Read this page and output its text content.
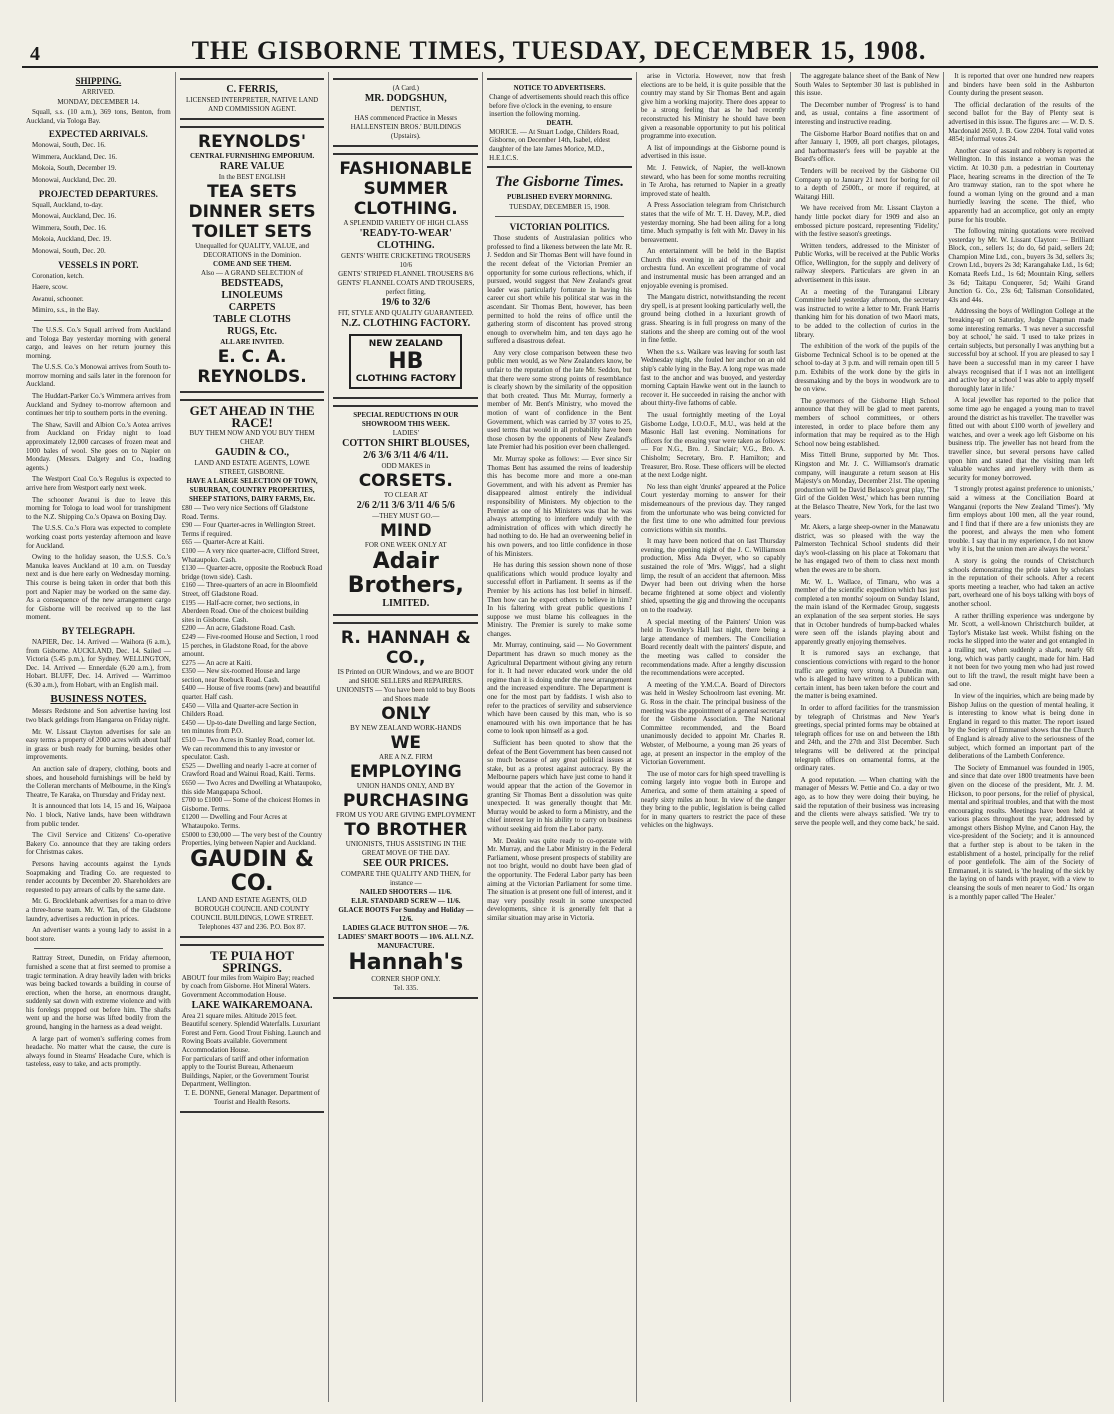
4	THE GISBORNE TIMES, TUESDAY, DECEMBER 15, 1908.
SHIPPING.
ARRIVED.
MONDAY, DECEMBER 14.

Squall, s.s. (10 a.m.), 369 tons, Benton, from Auckland, via Tologa Bay.

EXPECTED ARRIVALS.

Monowai, South, Dec. 16.

Wimmera, Auckland, Dec. 16.

Mokoia, South, December 19.

Monowai, Auckland, Dec. 20.

PROJECTED DEPARTURES.

Squall, Auckland, to-day.

Monowai, Auckland, Dec. 16.

Wimmera, South, Dec. 16.

Mokoia, Auckland, Dec. 19.

Monowai, South, Dec. 20.

VESSELS IN PORT.

Coronation, ketch.

Haere, scow.

Awanui, schooner.

Mimiro, s.s., in the Bay.

The U.S.S. Co.'s Squall arrived from Auckland and Tologa Bay yesterday morning with general cargo, and leaves on her return journey this morning.

The U.S.S. Co.'s Monowai arrives from South to-morrow morning and sails later in the forenoon for Auckland.

The Huddart-Parker Co.'s Wimmera arrives from Auckland and Sydney to-morrow afternoon and continues her trip to southern ports in the evening.

The Shaw, Savill and Albion Co.'s Aotea arrives from Auckland on Friday night to load approximately 12,000 carcases of frozen meat and 1000 bales of wool. She goes on to Napier on Monday. (Messrs. Dalgety and Co., loading agents.)

The Westport Coal Co.'s Regulus is expected to arrive here from Westport early next week.

The schooner Awanui is due to leave this morning for Tologa to load wool for transhipment to the N.Z. Shipping Co.'s Opawa on Boxing Day.

The U.S.S. Co.'s Flora was expected to complete working coast ports yesterday afternoon and leave for Auckland.

Owing to the holiday season, the U.S.S. Co.'s Manuka leaves Auckland at 10 a.m. on Tuesday next and is due here early on Wednesday morning. This course is being taken in order that both this port and Napier may be worked on the same day. As a consequence of the new arrangement cargo for Gisborne will be received up to the last moment.

BY TELEGRAPH.

NAPIER, Dec. 14. Arrived — Waihora (6 a.m.), from Gisborne. AUCKLAND, Dec. 14. Sailed — Victoria (5.45 p.m.), for Sydney. WELLINGTON, Dec. 14. Arrived — Ennerdale (6.20 a.m.), from Hobart. BLUFF, Dec. 14. Arrived — Warrimoo (6.30 a.m.), from Hobart, with an English mail.

BUSINESS NOTES.

Messrs Redstone and Son advertise having lost two black geldings from Hangaroa on Friday night.

Mr. W. Lissaut Clayton advertises for sale an easy terms a property of 2000 acres with about half in grass or bush ready for burning, besides other improvements.

An auction sale of drapery, clothing, boots and shoes, and household furnishings will be held by the Colleran merchants of Melbourne, in the King's Theatre, Te Karaka, on Thursday and Friday next.

It is announced that lots 14, 15 and 16, Waipaoa No. 1 block, Native lands, have been withdrawn from public tender.

The Civil Service and Citizens' Co-operative Bakery Co. announce that they are taking orders for Christmas cakes.

Persons having accounts against the Lynds Soapmaking and Trading Co. are requested to render accounts by December 20. Shareholders are requested to pay arrears of calls by the same date.

Mr. G. Brocklebank advertises for a man to drive a three-horse team. Mr. W. Tan, of the Gladstone laundry, advertises a reduction in prices.

An advertiser wants a young lady to assist in a boot store.

Rattray Street, Dunedin, on Friday afternoon, furnished a scene that at first seemed to promise a tragic termination. A dray heavily laden with bricks was being backed towards a building in course of erection, when the horse, an enormous draught, suddenly sat down with extreme violence and with his forelegs propped out before him. The shafts went up and the horse was lifted bodily from the ground, hanging in the harness as a dead weight.

A large part of women's suffering comes from headache. No matter what the cause, the cure is always found in Stearns' Headache Cure, which is tasteless, easy to take, and acts promptly.

C. FERRIS,
LICENSED INTERPRETER, NATIVE LAND AND COMMISSION AGENT.
REYNOLDS'
CENTRAL FURNISHING EMPORIUM.
RARE VALUE
In the BEST ENGLISH
TEA SETS
DINNER SETS
TOILET SETS
Unequalled for QUALITY, VALUE, and DECORATIONS in the Dominion.
COME AND SEE THEM.
Also — A GRAND SELECTION of
BEDSTEADS,
LINOLEUMS
CARPETS
TABLE CLOTHS
RUGS, Etc.
ALL ARE INVITED.
E. C. A. REYNOLDS.
GET AHEAD IN THE RACE!
BUY THEM NOW AND YOU BUY THEM CHEAP.
GAUDIN & CO.,
LAND AND ESTATE AGENTS, LOWE STREET, GISBORNE.
HAVE A LARGE SELECTION OF TOWN, SUBURBAN, COUNTRY PROPERTIES, SHEEP STATIONS, DAIRY FARMS, Etc.
£80 — Two very nice Sections off Gladstone Road. Terms.
£90 — Four Quarter-acres in Wellington Street. Terms if required.
£65 — Quarter-Acre at Kaiti.
£100 — A very nice quarter-acre, Clifford Street, Whataupoko. Cash.
£130 — Quarter-acre, opposite the Roebuck Road bridge (town side). Cash.
£160 — Three-quarters of an acre in Bloomfield Street, off Gladstone Road.
£195 — Half-acre corner, two sections, in Aberdeen Road. One of the choicest building sites in Gisborne. Cash.
£200 — An acre, Gladstone Road. Cash.
£249 — Five-roomed House and Section, 1 rood 15 perches, in Gladstone Road, for the above amount.
£275 — An acre at Kaiti.
£350 — New six-roomed House and large section, near Roebuck Road. Cash.
£400 — House of five rooms (new) and beautiful quarter. Half cash.
£450 — Villa and Quarter-acre Section in Childers Road.
£450 — Up-to-date Dwelling and large Section, ten minutes from P.O.
£510 — Two Acres in Stanley Road, corner lot. We can recommend this to any investor or speculator. Cash.
£525 — Dwelling and nearly 1-acre at corner of Crawford Road and Wainui Road, Kaiti. Terms.
£650 — Two Acres and Dwelling at Whataupoko, this side Mangapapa School.
£700 to £1000 — Some of the choicest Homes in Gisborne. Terms.
£1200 — Dwelling and Four Acres at Whataupoko. Terms.
£5000 to £30,000 — The very best of the Country Properties, lying between Napier and Auckland.
GAUDIN & CO.
LAND AND ESTATE AGENTS, OLD BOROUGH COUNCIL AND COUNTY COUNCIL BUILDINGS, LOWE STREET.
Telephones 437 and 236. P.O. Box 87.
TE PUIA HOT SPRINGS.
ABOUT four miles from Waipiro Bay; reached by coach from Gisborne. Hot Mineral Waters. Government Accommodation House.
LAKE WAIKAREMOANA.
Area 21 square miles. Altitude 2015 feet. Beautiful scenery. Splendid Waterfalls. Luxuriant Forest and Fern. Good Trout Fishing. Launch and Rowing Boats available. Government Accommodation House.
For particulars of tariff and other information apply to the Tourist Bureau, Athenaeum Buildings, Napier, or the Government Tourist Department, Wellington.
T. E. DONNE, General Manager. Department of Tourist and Health Resorts.
(A Card.)
MR. DODGSHUN,
DENTIST,
HAS commenced Practice in Messrs HALLENSTEIN BROS.' BUILDINGS (Upstairs).
FASHIONABLE SUMMER CLOTHING.
A SPLENDID VARIETY OF HIGH CLASS
'READY-TO-WEAR' CLOTHING.
GENTS' WHITE CRICKETING TROUSERS 10/6
GENTS' STRIPED FLANNEL TROUSERS 8/6
GENTS' FLANNEL COATS AND TROUSERS, perfect fitting,
19/6 to 32/6
FIT, STYLE AND QUALITY GUARANTEED.
N.Z. CLOTHING FACTORY.
NEW ZEALAND
HB
CLOTHING FACTORY
SPECIAL REDUCTIONS IN OUR SHOWROOM THIS WEEK.
LADIES'
COTTON SHIRT BLOUSES,
2/6 3/6 3/11 4/6 4/11.
ODD MAKES in
CORSETS.
TO CLEAR AT
2/6 2/11 3/6 3/11 4/6 5/6
—THEY MUST GO.—
MIND
FOR ONE WEEK ONLY AT
Adair Brothers,
LIMITED.
R. HANNAH & CO.,
IS Printed on OUR Windows, and we are BOOT and SHOE SELLERS and REPAIRERS.
UNIONISTS — You have been told to buy Boots and Shoes made
ONLY
BY NEW ZEALAND WORK-HANDS
WE
ARE A N.Z. FIRM
EMPLOYING
UNION HANDS ONLY, AND BY
PURCHASING
FROM US YOU ARE GIVING EMPLOYMENT
TO BROTHER
UNIONISTS, THUS ASSISTING IN THE GREAT MOVE OF THE DAY.
SEE OUR PRICES.
COMPARE THE QUALITY AND THEN, for instance —
NAILED SHOOTERS — 11/6.
E.I.R. STANDARD SCREW — 11/6.
GLACE BOOTS For Sunday and Holiday — 12/6.
LADIES GLACE BUTTON SHOE — 7/6.
LADIES' SMART BOOTS — 10/6. ALL N.Z. MANUFACTURE.
Hannah's
CORNER SHOP ONLY.
Tel. 335.
NOTICE TO ADVERTISERS.
Change of advertisements should reach this office before five o'clock in the evening, to ensure insertion the following morning.
DEATH.
MORICE. — At Stuart Lodge, Childers Road, Gisborne, on December 14th, Isabel, eldest daughter of the late James Morice, M.D., H.E.I.C.S.
The Gisborne Times.
PUBLISHED EVERY MORNING.
TUESDAY, DECEMBER 15, 1908.
VICTORIAN POLITICS.

Those students of Australasian politics who professed to find a likeness between the late Mr. R. J. Seddon and Sir Thomas Bent will have found in the recent defeat of the Victorian Premier an opportunity for some curious reflections, which, if pursued, would suggest that New Zealand's great leader was particularly fortunate in having his career cut short while his political star was in the ascendant. Sir Thomas Bent, however, has been permitted to hold the reins of office until the gathering storm of discontent has proved strong enough to overwhelm him, and ten days ago he suffered a disastrous defeat.

Any very close comparison between these two public men would, as we New Zealanders know, be unfair to the reputation of the late Mr. Seddon, but that there were some strong points of resemblance is clearly shown by the similarity of the opposition that both created. Thus Mr. Murray, formerly a member of Mr. Bent's Ministry, who moved the motion of want of confidence in the Bent Government, which was carried by 37 votes to 25, used terms that would in all probability have been those chosen by the opponents of New Zealand's late Premier had his position ever been challenged.

Mr. Murray spoke as follows: — Ever since Sir Thomas Bent has assumed the reins of leadership this has become more and more a one-man Government, and with his advent as Premier has disappeared almost entirely the individual responsibility of Ministers. My objection to the Premier as one of his Ministers was that he was always attempting to interfere unduly with the administration of offices with which directly he had nothing to do. He had an overweening belief in his own powers, and too little confidence in those of his Ministers.

He has during this session shown none of those qualifications which would produce loyalty and successful effort in Parliament. It seems as if the Premier by his actions has lost belief in himself. Then how can he expect others to believe in him? In his faltering with great public questions I suppose we must blame his colleagues in the Ministry. The Premier is surely to make some changes.

Mr. Murray, continuing, said — No Government Department has drawn so much money as the Agricultural Department without giving any return for it. It had never educated work under the old regime than it is doing under the new arrangement and the increased expenditure. The Department is one for the most part by faddists. I wish also to refer to the practices of servility and subservience which have been caused by this man, who is so enamoured with his own importance that he has come to look upon himself as a god.

Sufficient has been quoted to show that the defeat of the Bent Government has been caused not so much because of any great political issues at stake, but as a protest against autocracy. By the Melbourne papers which have just come to hand it would appear that the action of the Governor in granting Sir Thomas Bent a dissolution was quite unexpected. It was generally thought that Mr. Murray would be asked to form a Ministry, and the chief interest lay in his ability to carry on business without seeking aid from the Labor party.

Mr. Deakin was quite ready to co-operate with Mr. Murray, and the Labor Ministry in the Federal Parliament, whose present prospects of stability are not too bright, would no doubt have been glad of the opportunity. The Federal Labor party has been aiming at the Victorian Parliament for some time. The situation is at present one full of interest, and it may very possibly result in some unexpected developments, since it is generally felt that a similar situation may arise in Victoria.

arise in Victoria. However, now that fresh elections are to be held, it is quite possible that the country may stand by Sir Thomas Bent and again give him a working majority. There does appear to be a strong feeling that as he had recently reconstructed his Ministry he should have been given a reasonable opportunity to put his political programme into execution.

A list of impoundings at the Gisborne pound is advertised in this issue.

Mr. J. Fenwick, of Napier, the well-known steward, who has been for some months recruiting in Te Aroha, has returned to Napier in a greatly improved state of health.

A Press Association telegram from Christchurch states that the wife of Mr. T. H. Davey, M.P., died yesterday morning. She had been ailing for a long time. Much sympathy is felt with Mr. Davey in his bereavement.

An entertainment will be held in the Baptist Church this evening in aid of the choir and orchestra fund. An excellent programme of vocal and instrumental music has been arranged and an enjoyable evening is promised.

The Mangatu district, notwithstanding the recent dry spell, is at present looking particularly well, the ground being clothed in a luxuriant growth of grass. Shearing is in full progress on many of the stations and the sheep are coming out of the wool in fine fettle.

When the s.s. Waikare was leaving for south last Wednesday night, she fouled her anchor on an old ship's cable lying in the Bay. A long rope was made fast to the anchor and was buoyed, and yesterday morning Captain Hawke went out in the launch to recover it. He succeeded in raising the anchor with about thirty-five fathoms of cable.

The usual fortnightly meeting of the Loyal Gisborne Lodge, I.O.O.F., M.U., was held at the Masonic Hall last evening. Nominations for officers for the ensuing year were taken as follows: — For N.G., Bro. J. Sinclair; V.G., Bro. A. Chisholm; Secretary, Bro. P. Hamilton; and Treasurer, Bro. Rose. These officers will be elected at the next Lodge night.

No less than eight 'drunks' appeared at the Police Court yesterday morning to answer for their misdemeanours of the previous day. They ranged from the unfortunate who was being convicted for the first time to one who admitted four previous convictions within six months.

It may have been noticed that on last Thursday evening, the opening night of the J. C. Williamson production, Miss Ada Dwyer, who so capably sustained the role of 'Mrs. Wiggs', had a slight limp, the result of an accident that afternoon. Miss Dwyer had been out driving when the horse became frightened at some object and violently shied, upsetting the gig and throwing the occupants on to the roadway.

A special meeting of the Painters' Union was held in Townley's Hall last night, there being a large attendance of members. The Conciliation Board recently dealt with the painters' dispute, and the meeting was called to consider the recommendations made. After a lengthy discussion the recommendations were accepted.

A meeting of the Y.M.C.A. Board of Directors was held in Wesley Schoolroom last evening. Mr. G. Ross in the chair. The principal business of the meeting was the appointment of a general secretary for the Gisborne Association. The National Committee recommended, and the Board unanimously decided to appoint Mr. Charles R. Webster, of Melbourne, a young man 26 years of age, at present an inspector in the employ of the Victorian Government.

The use of motor cars for high speed travelling is coming largely into vogue both in Europe and America, and some of them attaining a speed of nearly sixty miles an hour. In view of the danger they bring to the public, legislation is being called for in many quarters to restrict the pace of these vehicles on the highways.

The aggregate balance sheet of the Bank of New South Wales to September 30 last is published in this issue.

The December number of 'Progress' is to hand and, as usual, contains a fine assortment of interesting and instructive reading.

The Gisborne Harbor Board notifies that on and after January 1, 1909, all port charges, pilotages, and harbormaster's fees will be payable at the Board's office.

Tenders will be received by the Gisborne Oil Company up to January 21 next for boring for oil to a depth of 2500ft., or more if required, at Waitangi Hill.

We have received from Mr. Lissant Clayton a handy little pocket diary for 1909 and also an embossed picture postcard, representing 'Fidelity,' with the festive season's greetings.

Written tenders, addressed to the Minister of Public Works, will be received at the Public Works Office, Wellington, for the supply and delivery of railway sleepers. Particulars are given in an advertisement in this issue.

At a meeting of the Turanganui Library Committee held yesterday afternoon, the secretary was instructed to write a letter to Mr. Frank Harris thanking him for his donation of two Maori mats, to be added to the collection of curios in the library.

The exhibition of the work of the pupils of the Gisborne Technical School is to be opened at the school to-day at 3 p.m. and will remain open till 5 p.m. Exhibits of the work done by the girls in dressmaking and by the boys in woodwork are to be on view.

The governors of the Gisborne High School announce that they will be glad to meet parents, members of school committees, or others interested, in order to place before them any information that may be required as to the High School now being established.

Miss Tittell Brune, supported by Mr. Thos. Kingston and Mr. J. C. Williamson's dramatic company, will inaugurate a return season at His Majesty's on Monday, December 21st. The opening production will be David Belasco's great play, 'The Girl of the Golden West,' which has been running at the Belasco Theatre, New York, for the last two years.

Mr. Akers, a large sheep-owner in the Manawatu district, was so pleased with the way the Palmerston Technical School students did their day's wool-classing on his place at Tokomaru that he has engaged two of them to class next month when the ewes are to be shorn.

Mr. W. L. Wallace, of Timaru, who was a member of the scientific expedition which has just completed a ten months' sojourn on Sunday Island, the main island of the Kermadec Group, suggests an explanation of the sea serpent stories. He says that in October hundreds of hump-backed whales were seen off the islands playing about and apparently greatly enjoying themselves.

It is rumored says an exchange, that conscientious convictions with regard to the honor traffic are getting very strong. A Dunedin man, who is alleged to have written to a publican with certain intent, has been taken before the court and the matter is being examined.

In order to afford facilities for the transmission by telegraph of Christmas and New Year's greetings, special printed forms may be obtained at telegraph offices for use on and between the 18th and 24th, and the 27th and 31st December. Such telegrams will be delivered at the principal telegraph offices on ornamental forms, at the ordinary rates.

A good reputation. — When chatting with the manager of Messrs W. Pettie and Co. a day or two ago, as to how they were doing their buying, he said the reputation of their business was increasing and the clients were always satisfied. 'We try to serve the people well, and they come back,' he said.

It is reported that over one hundred new reapers and binders have been sold in the Ashburton County during the present season.

The official declaration of the results of the second ballot for the Bay of Plenty seat is advertised in this issue. The figures are: — W. D. S. Macdonald 2650, J. B. Gow 2204. Total valid votes 4854; informal votes 24.

Another case of assault and robbery is reported at Wellington. In this instance a woman was the victim. At 10.30 p.m. a pedestrian in Courtenay Place, hearing screams in the direction of the Te Aro tramway station, ran to the spot where he found a woman lying on the ground and a man hurriedly leaving the scene. The thief, who apparently had an accomplice, got only an empty purse for his trouble.

The following mining quotations were received yesterday by Mr. W. Lissant Clayton: — Brilliant Block, con., sellers 1s; do do, 6d paid, sellers 2d; Champion Mine Ltd., con., buyers 3s 3d, sellers 3s; Crown Ltd., buyers 2s 3d; Karangahake Ltd., 1s 6d; Komata Reefs Ltd., 1s 6d; Mountain King, sellers 3s 6d; Taitapu Conquerer, 5d; Waihi Grand Junction G. Co., 23s 6d; Talisman Consolidated, 43s and 44s.

Addressing the boys of Wellington College at the 'breaking-up' on Saturday, Judge Chapman made some interesting remarks. 'I was never a successful boy at school,' he said. 'I used to take prizes in certain subjects, but personally I was anything but a successful boy at school. If you are pleased to say I have been a successful man in my career I have always recognised that if I was not an intelligent and active boy at school I was able to apply myself thoroughly later in life.'

A local jeweller has reported to the police that some time ago he engaged a young man to travel around the district as his traveller. The traveller was fitted out with about £100 worth of jewellery and watches, and over a week ago left Gisborne on his business trip. The jeweller has not heard from the traveller since, but several persons have called upon him and stated that the visiting man left valuable watches and jewellery with them as security for money borrowed.

'I strongly protest against preference to unionists,' said a witness at the Conciliation Board at Wanganui (reports the New Zealand 'Times'). 'My firm employs about 100 men, all the year round, and I find that if there are a few unionists they are the poorest, and always the men who foment trouble. I say that in my experience, I do not know why it is, but the union men are always the worst.'

A story is going the rounds of Christchurch schools demonstrating the pride taken by scholars in the reputation of their schools. After a recent sports meeting a teacher, who had taken an active part, overheard one of his boys talking with boys of another school.

A rather thrilling experience was undergone by Mr. Scott, a well-known Christchurch builder, at Taylor's Mistake last week. Whilst fishing on the rocks he slipped into the water and got entangled in a trailing net, when suddenly a shark, nearly 6ft long, which was partly caught, made for him. Had it not been for two young men who had just rowed out to lift the trawl, the result might have been a sad one.

In view of the inquiries, which are being made by Bishop Julius on the question of mental healing, it is interesting to know what is being done in England in regard to this matter. The report issued by the Society of Emmanuel shows that the Church of England is already alive to the seriousness of the subject, which formed an important part of the deliberations of the Lambeth Conference.

The Society of Emmanuel was founded in 1905, and since that date over 1800 treatments have been given on the diocese of the president, Mr. J. M. Hickson, to poor persons, for the relief of physical, mental and spiritual troubles, and that with the most encouraging results. Meetings have been held at various places throughout the year, addressed by amongst others Bishop Mylne, and Canon Hay, the vice-president of the Society; and it is announced that a further step is about to be taken in the establishment of a hostel, principally for the relief of poor gentlefolk. The aim of the Society of Emmanuel, it is stated, is 'the healing of the sick by the laying on of hands with prayer, with a view to cleansing the souls of men nearer to God.' Its organ is a monthly paper called 'The Healer.'
